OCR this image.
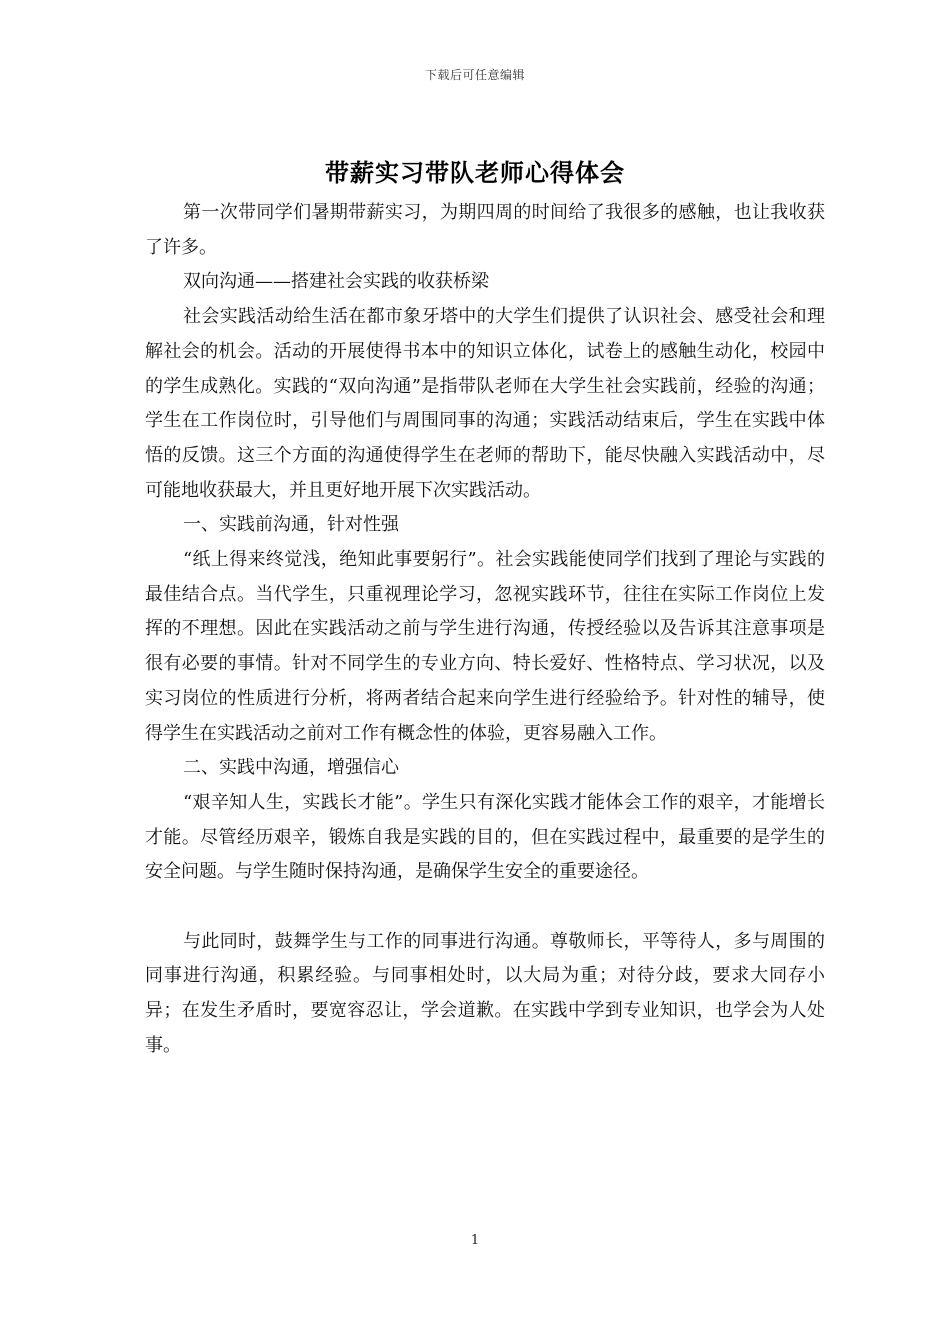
下载后可任意编辑
带薪实习带队老师心得体会

第一次带同学们暑期带薪实习，为期四周的时间给了我很多的感触，也让我收获了许多。

双向沟通——搭建社会实践的收获桥梁

社会实践活动给生活在都市象牙塔中的大学生们提供了认识社会、感受社会和理解社会的机会。活动的开展使得书本中的知识立体化，试卷上的感触生动化，校园中的学生成熟化。实践的“双向沟通”是指带队老师在大学生社会实践前，经验的沟通；学生在工作岗位时，引导他们与周围同事的沟通；实践活动结束后，学生在实践中体悟的反馈。这三个方面的沟通使得学生在老师的帮助下，能尽快融入实践活动中，尽可能地收获最大，并且更好地开展下次实践活动。

一、实践前沟通，针对性强

“纸上得来终觉浅，绝知此事要躬行”。社会实践能使同学们找到了理论与实践的最佳结合点。当代学生，只重视理论学习，忽视实践环节，往往在实际工作岗位上发挥的不理想。因此在实践活动之前与学生进行沟通，传授经验以及告诉其注意事项是很有必要的事情。针对不同学生的专业方向、特长爱好、性格特点、学习状况，以及实习岗位的性质进行分析，将两者结合起来向学生进行经验给予。针对性的辅导，使得学生在实践活动之前对工作有概念性的体验，更容易融入工作。

二、实践中沟通，增强信心

“艰辛知人生，实践长才能”。学生只有深化实践才能体会工作的艰辛，才能增长才能。尽管经历艰辛，锻炼自我是实践的目的，但在实践过程中，最重要的是学生的安全问题。与学生随时保持沟通，是确保学生安全的重要途径。

与此同时，鼓舞学生与工作的同事进行沟通。尊敬师长，平等待人，多与周围的同事进行沟通，积累经验。与同事相处时，以大局为重；对待分歧，要求大同存小异；在发生矛盾时，要宽容忍让，学会道歉。在实践中学到专业知识，也学会为人处事。

1
